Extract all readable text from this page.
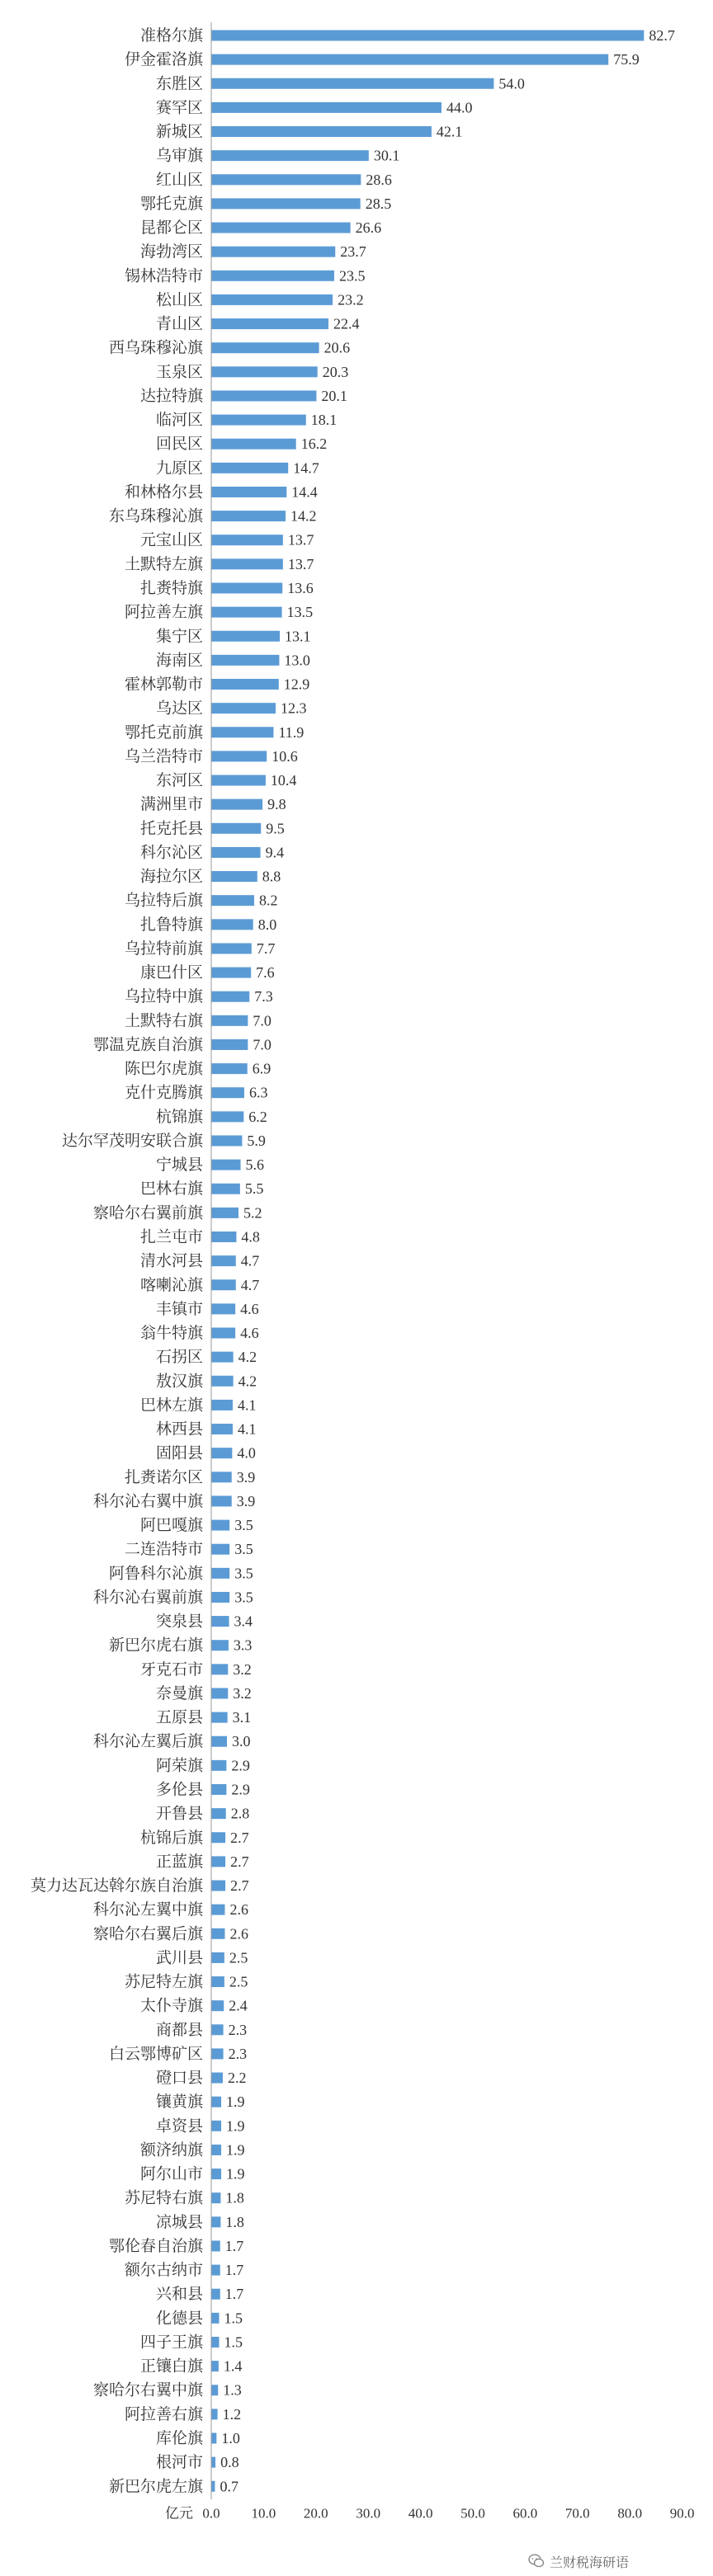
准格尔旗
伊金霍洛旗
东胜区
赛罕区
新城区
乌审旗
红山区
鄂托克旗
昆都仑区
海勃湾区
锡林浩特市
松山区
青山区
西乌珠穆沁旗
玉泉区
达拉特旗
临河区
回民区
九原区
和林格尔县
东乌珠穆沁旗
元宝山区
土默特左旗
扎赉特旗
阿拉善左旗
集宁区
海南区
霍林郭勒市
乌达区
鄂托克前旗
乌兰浩特市
东河区
满洲里市
托克托县
科尔沁区
海拉尔区
乌拉特后旗
扎鲁特旗
乌拉特前旗
康巴什区
乌拉特中旗
土默特右旗
鄂温克族自治旗
陈巴尔虎旗
克什克腾旗
杭锦旗
达尔罕茂明安联合旗
宁城县
巴林右旗
察哈尔右翼前旗
扎兰屯市
清水河县
喀喇沁旗
丰镇市
翁牛特旗
石拐区
敖汉旗
巴林左旗
林西县
固阳县
扎赉诺尔区
科尔沁右翼中旗
阿巴嘎旗
二连浩特市
阿鲁科尔沁旗
科尔沁右翼前旗
突泉县
新巴尔虎右旗
牙克石市
奈曼旗
五原县
科尔沁左翼后旗
阿荣旗
多伦县
开鲁县
杭锦后旗
正蓝旗
莫力达瓦达斡尔族自治旗
科尔沁左翼中旗
察哈尔右翼后旗
武川县
苏尼特左旗
太仆寺旗
商都县
白云鄂博矿区
磴口县
镶黄旗
卓资县
额济纳旗
阿尔山市
苏尼特右旗
凉城县
鄂伦春自治旗
额尔古纳市
兴和县
化德县
四子王旗
正镶白旗
察哈尔右翼中旗
阿拉善右旗
库伦旗
根河市
新巴尔虎左旗
82.7
75.9
54.0
44.0
42.1
30.1
28.6
28.5
26.6
23.7
23.5
23.2
22.4
20.6
20.3
20.1
18.1
16.2
14.7
14.4
14.2
13.7
13.7
13.6
13.5
13.1
13.0
12.9
12.3
11.9
10.6
10.4
9.8
9.5
9.4
8.8
8.2
8.0
7.7
7.6
7.3
7.0
7.0
6.9
6.3
6.2
5.9
5.6
5.5
5.2
4.8
4.7
4.7
4.6
4.6
4.2
4.2
4.1
4.1
4.0
3.9
3.9
3.5
3.5
3.5
3.5
3.4
3.3
3.2
3.2
3.1
3.0
2.9
2.9
2.8
2.7
2.7
2.7
2.6
2.6
2.5
2.5
2.4
2.3
2.3
2.2
1.9
1.9
1.9
1.9
1.8
1.8
1.7
1.7
1.7
1.5
1.5
1.4
1.3
1.2
1.0
0.8
0.7
0.0 10.0 20.0 30.0 40.0 50.0 60.0 70.0 80.0 90.0
亿元
兰财税海研语
